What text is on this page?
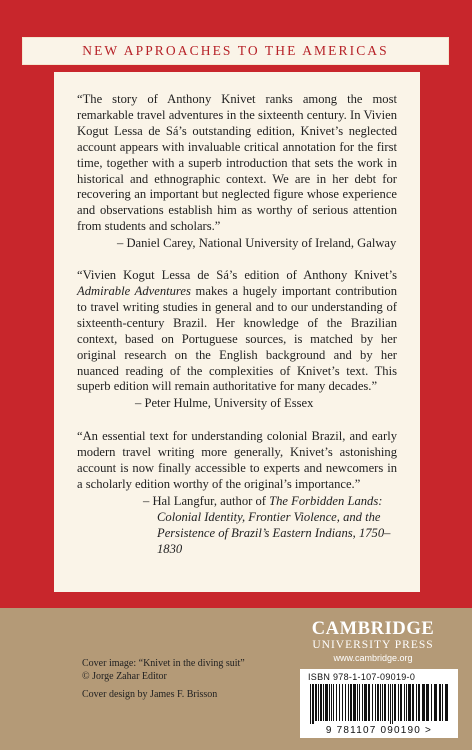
NEW APPROACHES TO THE AMERICAS

“The story of Anthony Knivet ranks among the most remarkable travel adventures in the sixteenth century. In Vivien Kogut Lessa de Sá’s outstanding edition, Knivet’s neglected account appears with invaluable critical annotation for the first time, together with a superb introduction that sets the work in historical and ethnographic context. We are in her debt for recovering an important but neglected figure whose experience and observations establish him as worthy of serious attention from students and scholars.”

– Daniel Carey, National University of Ireland, Galway

“Vivien Kogut Lessa de Sá’s edition of Anthony Knivet’s Admirable Adventures makes a hugely important contribution to travel writing studies in general and to our understanding of sixteenth-century Brazil. Her knowledge of the Brazilian context, based on Portuguese sources, is matched by her original research on the English background and by her nuanced reading of the complexities of Knivet’s text. This superb edition will remain authoritative for many decades.”

– Peter Hulme, University of Essex

“An essential text for understanding colonial Brazil, and early modern travel writing more generally, Knivet’s astonishing account is now finally accessible to experts and newcomers in a scholarly edition worthy of the original’s importance.”

– Hal Langfur, author of The Forbidden Lands: Colonial Identity, Frontier Violence, and the Persistence of Brazil’s Eastern Indians, 1750–1830

CAMBRIDGE
UNIVERSITY PRESS
www.cambridge.org
Cover image: “Knivet in the diving suit”
© Jorge Zahar Editor
Cover design by James F. Brisson
ISBN 978-1-107-09019-0
9 781107 090190 >
